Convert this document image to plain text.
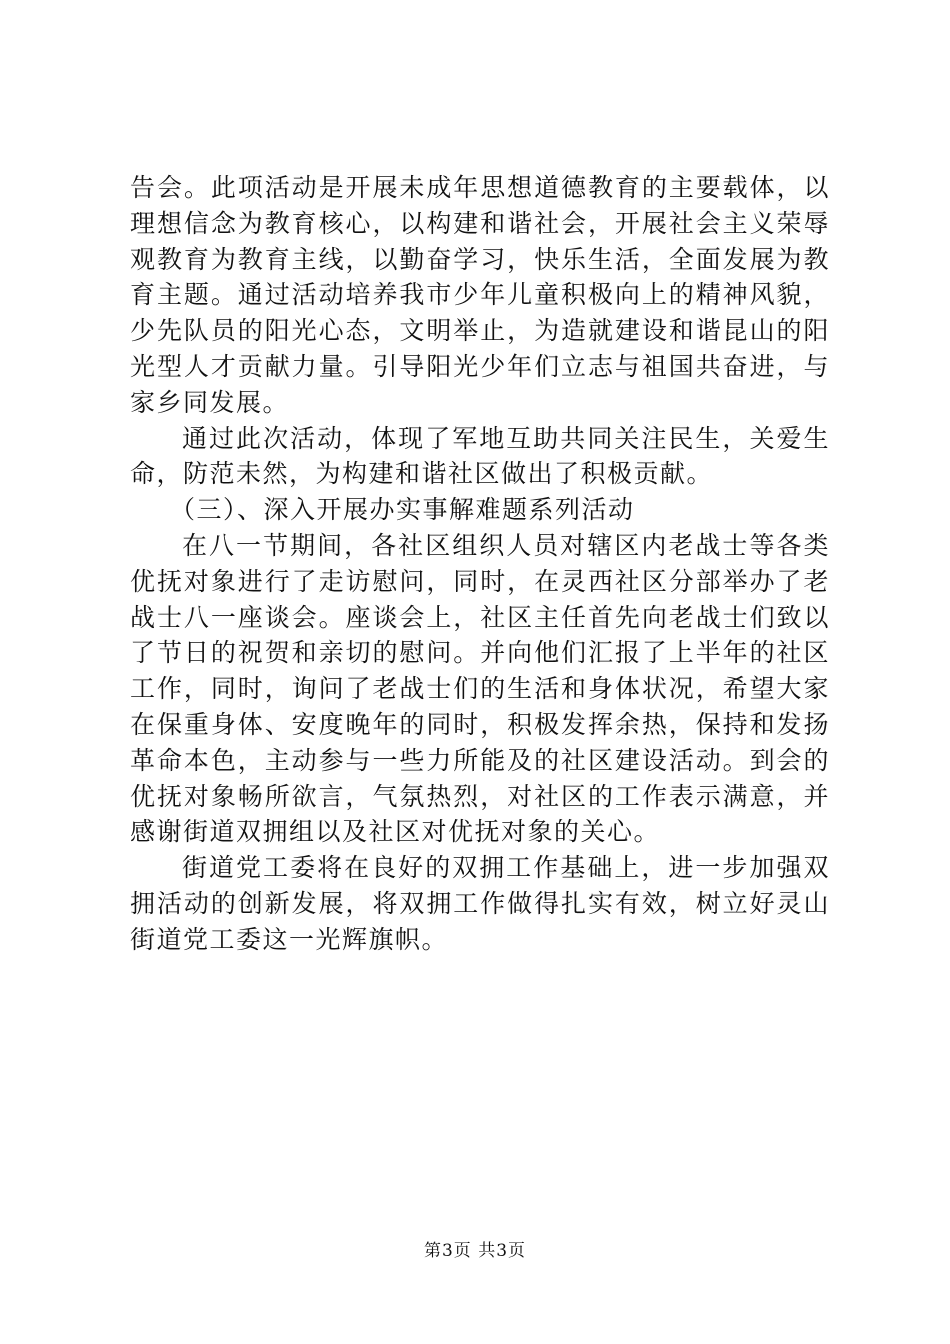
告会。此项活动是开展未成年思想道德教育的主要载体，以理想信念为教育核心，以构建和谐社会，开展社会主义荣辱观教育为教育主线，以勤奋学习，快乐生活，全面发展为教育主题。通过活动培养我市少年儿童积极向上的精神风貌，少先队员的阳光心态，文明举止，为造就建设和谐昆山的阳光型人才贡献力量。引导阳光少年们立志与祖国共奋进，与家乡同发展。

通过此次活动，体现了军地互助共同关注民生，关爱生命，防范未然，为构建和谐社区做出了积极贡献。

（三）、深入开展办实事解难题系列活动

在八一节期间，各社区组织人员对辖区内老战士等各类优抚对象进行了走访慰问，同时，在灵西社区分部举办了老战士八一座谈会。座谈会上，社区主任首先向老战士们致以了节日的祝贺和亲切的慰问。并向他们汇报了上半年的社区工作，同时，询问了老战士们的生活和身体状况，希望大家在保重身体、安度晚年的同时，积极发挥余热，保持和发扬革命本色，主动参与一些力所能及的社区建设活动。到会的优抚对象畅所欲言，气氛热烈，对社区的工作表示满意，并感谢街道双拥组以及社区对优抚对象的关心。

街道党工委将在良好的双拥工作基础上，进一步加强双拥活动的创新发展，将双拥工作做得扎实有效，树立好灵山街道党工委这一光辉旗帜。

第3页 共3页
